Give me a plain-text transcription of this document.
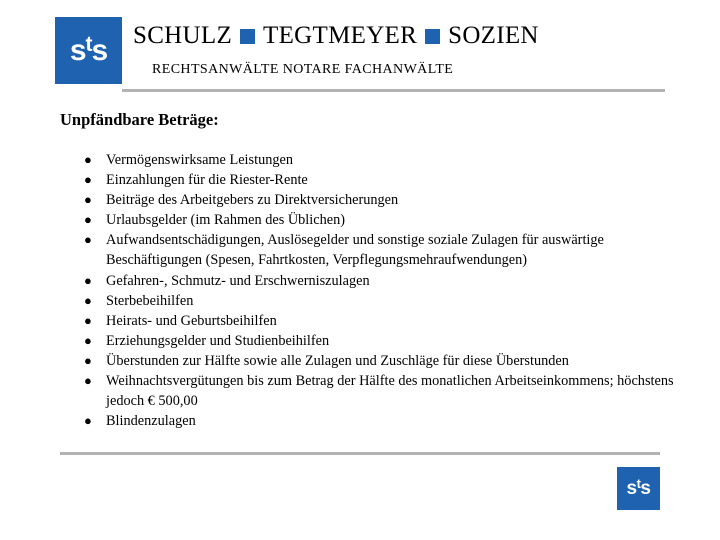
$s^ts$ SCHULZ TEGTMEYER SOZIEN
RECHTSANWÄLTE NOTARE FACHANWÄLTE
Unpfändbare Beträge:
● Vermögenswirksame Leistungen
● Einzahlungen für die Riester-Rente
● Beiträge des Arbeitgebers zu Direktversicherungen
● Urlaubsgelder (im Rahmen des Üblichen)
● Aufwandsentschädigungen, Auslösegelder und sonstige soziale Zulagen für auswärtige Beschäftigungen (Spesen, Fahrtkosten, Verpflegungsmehraufwendungen)
● Gefahren-, Schmutz- und Erschwerniszulagen
● Sterbebeihilfen
● Heirats- und Geburtsbeihilfen
● Erziehungsgelder und Studienbeihilfen
● Überstunden zur Hälfte sowie alle Zulagen und Zuschläge für diese Überstunden
● Weihnachtsvergütungen bis zum Betrag der Hälfte des monatlichen Arbeitseinkommens; höchstens jedoch € 500,00
● Blindenzulagen
$s^ts$
